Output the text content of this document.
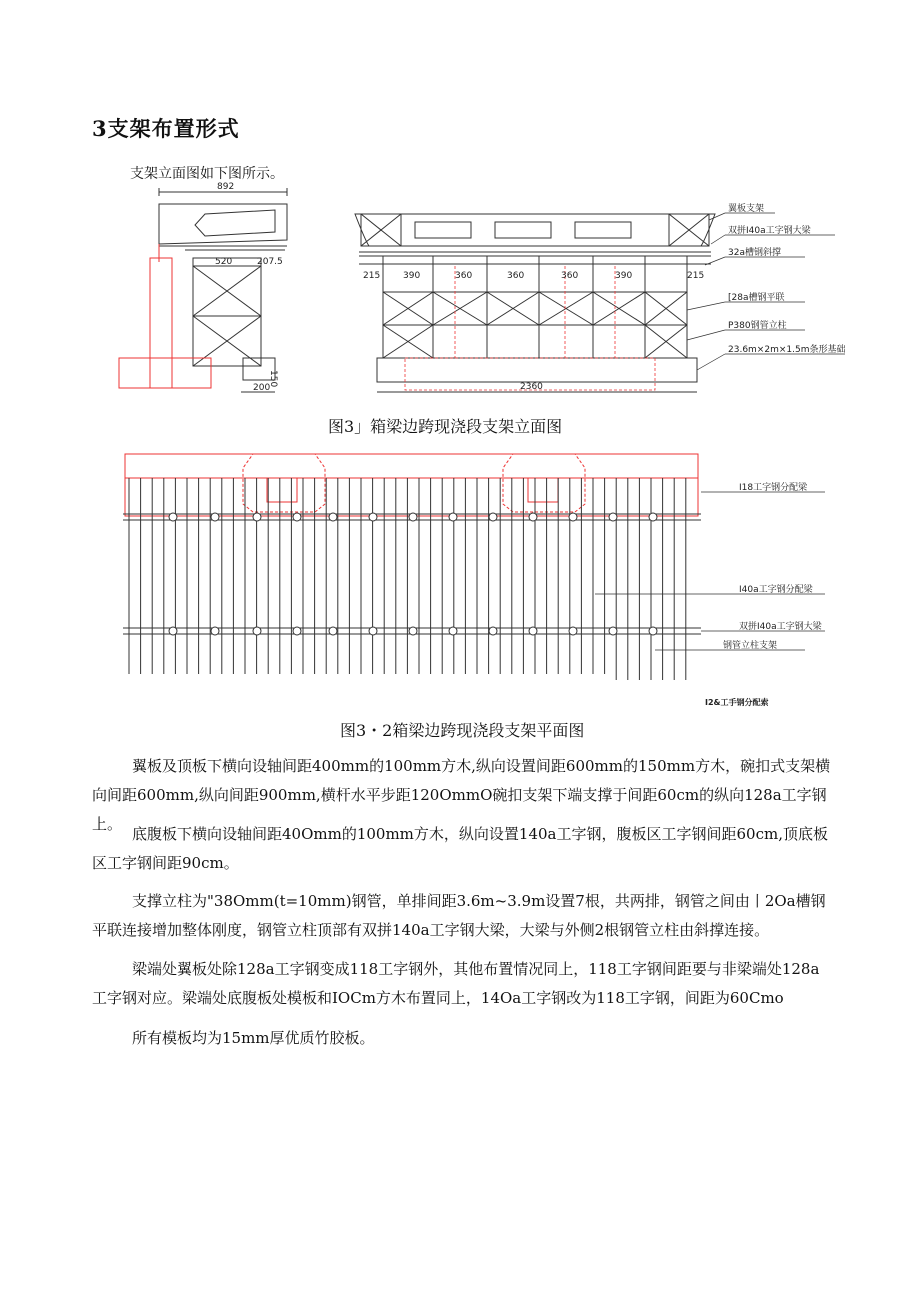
3支架布置形式
支架立面图如下图所示。
892
520	207.5
200
150
215	390	360	360	360	390	215
2360
翼板支架
双拼I40a工字钢大梁
32a槽钢斜撑
[28a槽钢平联
P380钢管立柱
23.6m×2m×1.5m条形基础
图3」箱梁边跨现浇段支架立面图
I18工字钢分配梁
I40a工字钢分配梁
双拼I40a工字钢大梁
钢管立柱支架
I2&工手钢分配索
图3・2箱梁边跨现浇段支架平面图

翼板及顶板下横向设轴间距400mm的100mm方木,纵向设置间距600mm的150mm方木，碗扣式支架横向间距600mm,纵向间距900mm,横杆水平步距120OmmO碗扣支架下端支撑于间距60cm的纵向128a工字钢上。

底腹板下横向设轴间距40Omm的100mm方木，纵向设置140a工字钢，腹板区工字钢间距60cm,顶底板区工字钢间距90cm。

支撑立柱为"38Omm(t=10mm)钢管，单排间距3.6m~3.9m设置7根，共两排，钢管之间由丨2Oa槽钢平联连接增加整体刚度，钢管立柱顶部有双拼140a工字钢大梁，大梁与外侧2根钢管立柱由斜撑连接。

梁端处翼板处除128a工字钢变成118工字钢外，其他布置情况同上，118工字钢间距要与非梁端处128a工字钢对应。梁端处底腹板处模板和IOCm方木布置同上，14Oa工字钢改为118工字钢，间距为60Cmo

所有模板均为15mm厚优质竹胶板。
